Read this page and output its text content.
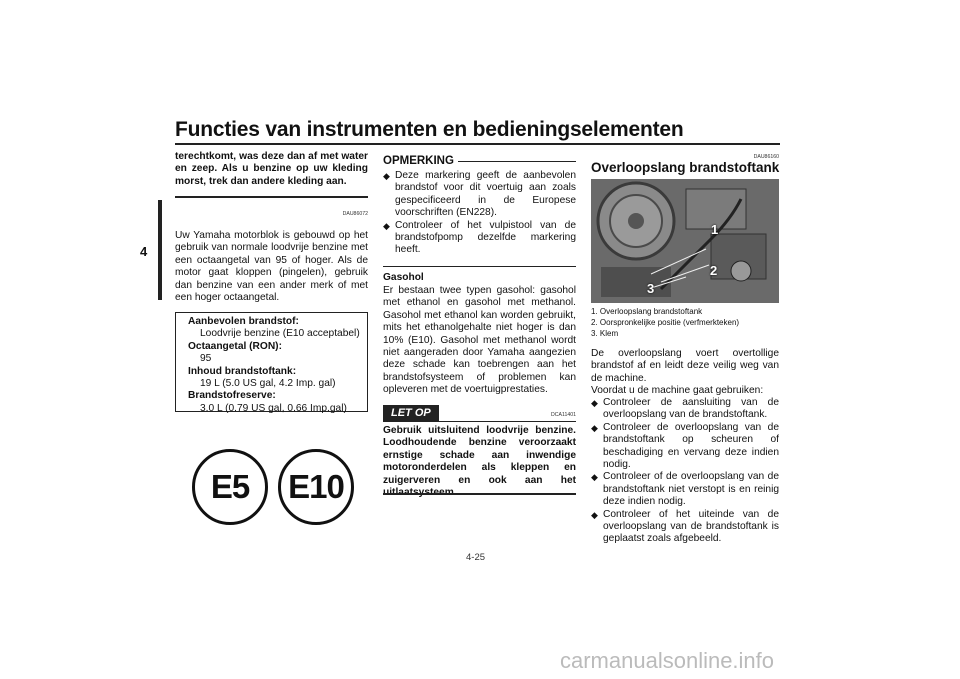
Functies van instrumenten en bedieningselementen
4
terechtkomt, was deze dan af met water en zeep. Als u benzine op uw kleding morst, trek dan andere kleding aan.
DAU86072
Uw Yamaha motorblok is gebouwd op het gebruik van normale loodvrije benzine met een octaangetal van 95 of hoger. Als de motor gaat kloppen (pingelen), gebruik dan benzine van een ander merk of met een hoger octaangetal.
Aanbevolen brandstof:
Loodvrije benzine (E10 acceptabel)
Octaangetal (RON):
95
Inhoud brandstoftank:
19 L (5.0 US gal, 4.2 Imp. gal)
Brandstofreserve:
3.0 L (0.79 US gal, 0.66 Imp.gal)
E5	E10
OPMERKING
◆ Deze markering geeft de aanbevolen brandstof voor dit voertuig aan zoals gespecificeerd in de Europese voorschriften (EN228).
◆ Controleer of het vulpistool van de brandstofpomp dezelfde markering heeft.
Gasohol
Er bestaan twee typen gasohol: gasohol met ethanol en gasohol met methanol. Gasohol met ethanol kan worden gebruikt, mits het ethanolgehalte niet hoger is dan 10% (E10). Gasohol met methanol wordt niet aangeraden door Yamaha aangezien deze schade kan toebrengen aan het brandstofsysteem of problemen kan opleveren met de voertuigprestaties.
LET OP	DCA11401
Gebruik uitsluitend loodvrije benzine. Loodhoudende benzine veroorzaakt ernstige schade aan inwendige motoronderdelen als kleppen en zuigerveren en ook aan het
DAU86160
Overloopslang brandstoftank
1
2
3
1. Overloopslang brandstoftank
2. Oorspronkelijke positie (verfmerkteken)
3. Klem
De overloopslang voert overtollige brandstof af en leidt deze veilig weg van de machine.
Voordat u de machine gaat gebruiken:
◆ Controleer de aansluiting van de overloopslang van de brandstoftank.
◆ Controleer de overloopslang van de brandstoftank op scheuren of beschadiging en vervang deze indien nodig.
◆ Controleer of de overloopslang van de brandstoftank niet verstopt is en reinig deze indien nodig.
◆ Controleer of het uiteinde van de overloopslang van de brandstoftank is geplaatst zoals afgebeeld.
4-25
carmanualsonline.info
